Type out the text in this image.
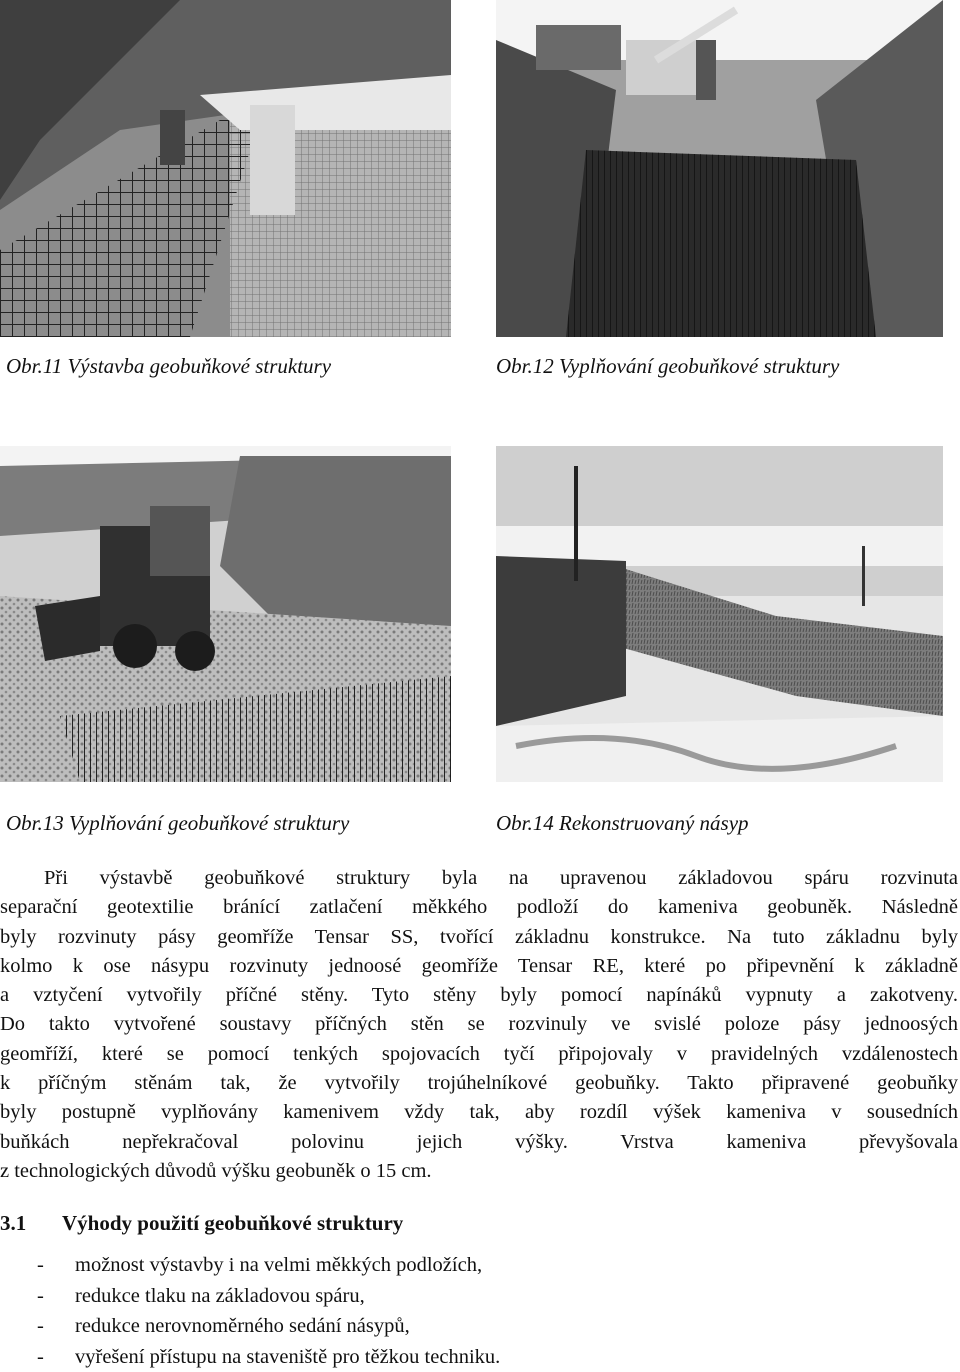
Obr.11 Výstavba geobuňkové struktury	Obr.12 Vyplňování geobuňkové struktury
Obr.13 Vyplňování geobuňkové struktury	Obr.14 Rekonstruovaný násyp
Při výstavbě geobuňkové struktury byla na upravenou základovou spáru rozvinuta
separační geotextilie bránící zatlačení měkkého podloží do kameniva geobuněk. Následně
byly rozvinuty pásy geomříže Tensar SS, tvořící základnu konstrukce. Na tuto základnu byly
kolmo k ose násypu rozvinuty jednoosé geomříže Tensar RE, které po připevnění k základně
a vztyčení vytvořily příčné stěny. Tyto stěny byly pomocí napínáků vypnuty a zakotveny.
Do takto vytvořené soustavy příčných stěn se rozvinuly ve svislé poloze pásy jednoosých
geomříží, které se pomocí tenkých spojovacích tyčí připojovaly v pravidelných vzdálenostech
k příčným stěnám tak, že vytvořily trojúhelníkové geobuňky. Takto připravené geobuňky
byly postupně vyplňovány kamenivem vždy tak, aby rozdíl výšek kameniva v sousedních
buňkách nepřekračoval polovinu jejich výšky. Vrstva kameniva převyšovala
z technologických důvodů výšku geobuněk o 15 cm.
3.1 Výhody použití geobuňkové struktury
- možnost výstavby i na velmi měkkých podložích,
- redukce tlaku na základovou spáru,
- redukce nerovnoměrného sedání násypů,
- vyřešení přístupu na staveniště pro těžkou techniku.
